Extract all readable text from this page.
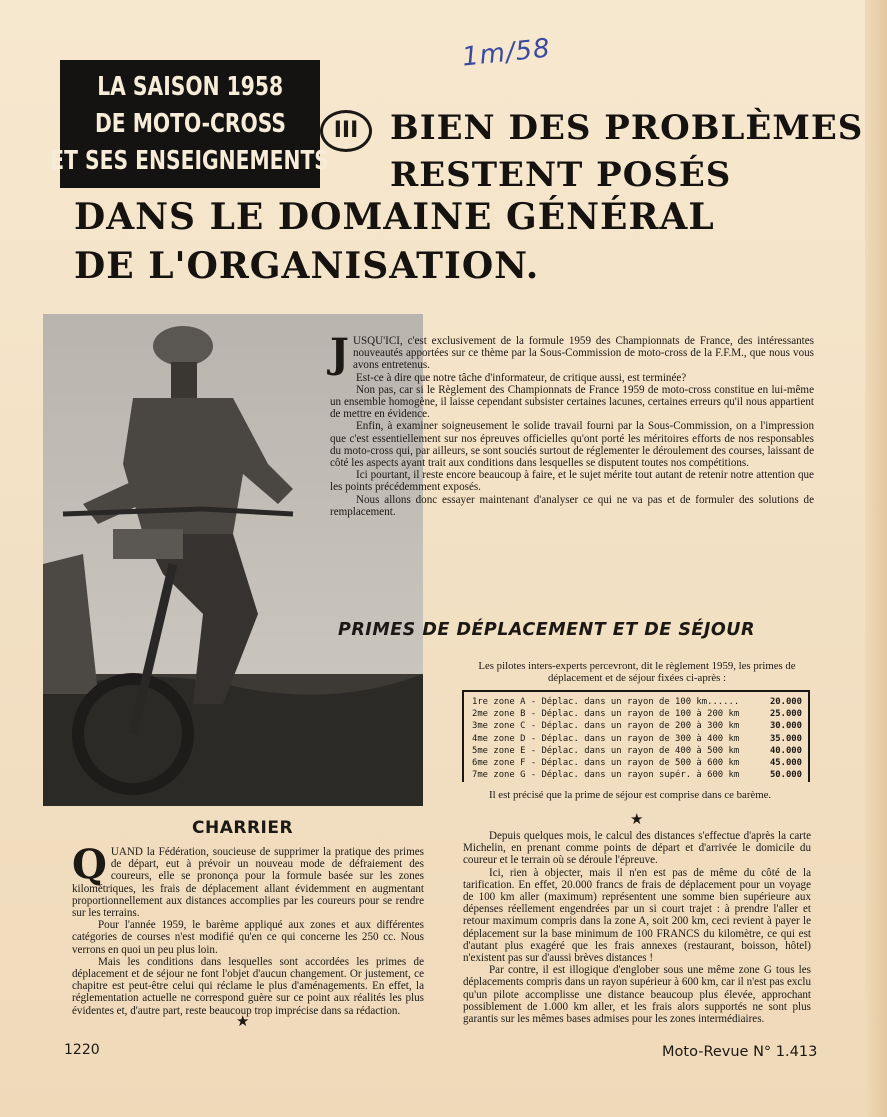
1m/58
LA SAISON 1958
DE MOTO-CROSS
ET SES ENSEIGNEMENTS
III BIEN DES PROBLÈMES
RESTENT POSÉS
DANS LE DOMAINE GÉNÉRAL
DE L'ORGANISATION.
J USQU'ICI, c'est exclusivement de la formule 1959 des Championnats de France, des intéressantes nouveautés apportées sur ce thème par la Sous-Commission de moto-cross de la F.F.M., que nous vous avons entretenus.

Est-ce à dire que notre tâche d'informateur, de critique aussi, est terminée?

Non pas, car si le Règlement des Championnats de France 1959 de moto-cross constitue en lui-même un ensemble homogène, il laisse cependant subsister certaines lacunes, certaines erreurs qu'il nous appartient de mettre en évidence.

Enfin, à examiner soigneusement le solide travail fourni par la Sous-Commission, on a l'impression que c'est essentiellement sur nos épreuves officielles qu'ont porté les méritoires efforts de nos responsables du moto-cross qui, par ailleurs, se sont souciés surtout de réglementer le déroulement des courses, laissant de côté les aspects ayant trait aux conditions dans lesquelles se disputent toutes nos compétitions.

Ici pourtant, il reste encore beaucoup à faire, et le sujet mérite tout autant de retenir notre attention que les points précédemment exposés.

Nous allons donc essayer maintenant d'analyser ce qui ne va pas et de formuler des solutions de remplacement.

PRIMES DE DÉPLACEMENT ET DE SÉJOUR
Les pilotes inters-experts percevront, dit le règlement 1959, les primes de déplacement et de séjour fixées ci-après :
1re zone A - Déplac. dans un rayon de 100 km......	20.000
2me zone B - Déplac. dans un rayon de 100 à 200 km	25.000
3me zone C - Déplac. dans un rayon de 200 à 300 km	30.000
4me zone D - Déplac. dans un rayon de 300 à 400 km	35.000
5me zone E - Déplac. dans un rayon de 400 à 500 km	40.000
6me zone F - Déplac. dans un rayon de 500 à 600 km	45.000
7me zone G - Déplac. dans un rayon supér. à 600 km	50.000

Il est précisé que la prime de séjour est comprise dans ce barème.

★

Depuis quelques mois, le calcul des distances s'effectue d'après la carte Michelin, en prenant comme points de départ et d'arrivée le domicile du coureur et le terrain où se déroule l'épreuve.

Ici, rien à objecter, mais il n'en est pas de même du côté de la tarification. En effet, 20.000 francs de frais de déplacement pour un voyage de 100 km aller (maximum) représentent une somme bien supérieure aux dépenses réellement engendrées par un si court trajet : à prendre l'aller et retour maximum compris dans la zone A, soit 200 km, ceci revient à payer le déplacement sur la base minimum de 100 FRANCS du kilomètre, ce qui est d'autant plus exagéré que les frais annexes (restaurant, boisson, hôtel) n'existent pas sur d'aussi brèves distances !

Par contre, il est illogique d'englober sous une même zone G tous les déplacements compris dans un rayon supérieur à 600 km, car il n'est pas exclu qu'un pilote accomplisse une distance beaucoup plus élevée, approchant possiblement de 1.000 km aller, et les frais alors supportés ne sont plus garantis sur les mêmes bases admises pour les zones intermédiaires.

CHARRIER
Q UAND la Fédération, soucieuse de supprimer la pratique des primes de départ, eut à prévoir un nouveau mode de défraiement des coureurs, elle se prononça pour la formule basée sur les zones kilométriques, les frais de déplacement allant évidemment en augmentant proportionnellement aux distances accomplies par les coureurs pour se rendre sur les terrains.

Pour l'année 1959, le barème appliqué aux zones et aux différentes catégories de courses n'est modifié qu'en ce qui concerne les 250 cc. Nous verrons en quoi un peu plus loin.

Mais les conditions dans lesquelles sont accordées les primes de déplacement et de séjour ne font l'objet d'aucun changement. Or justement, ce chapitre est peut-être celui qui réclame le plus d'aménagements. En effet, la réglementation actuelle ne correspond guère sur ce point aux réalités les plus évidentes et, d'autre part, reste beaucoup trop imprécise dans sa rédaction.

★
1220	Moto-Revue N° 1.413
